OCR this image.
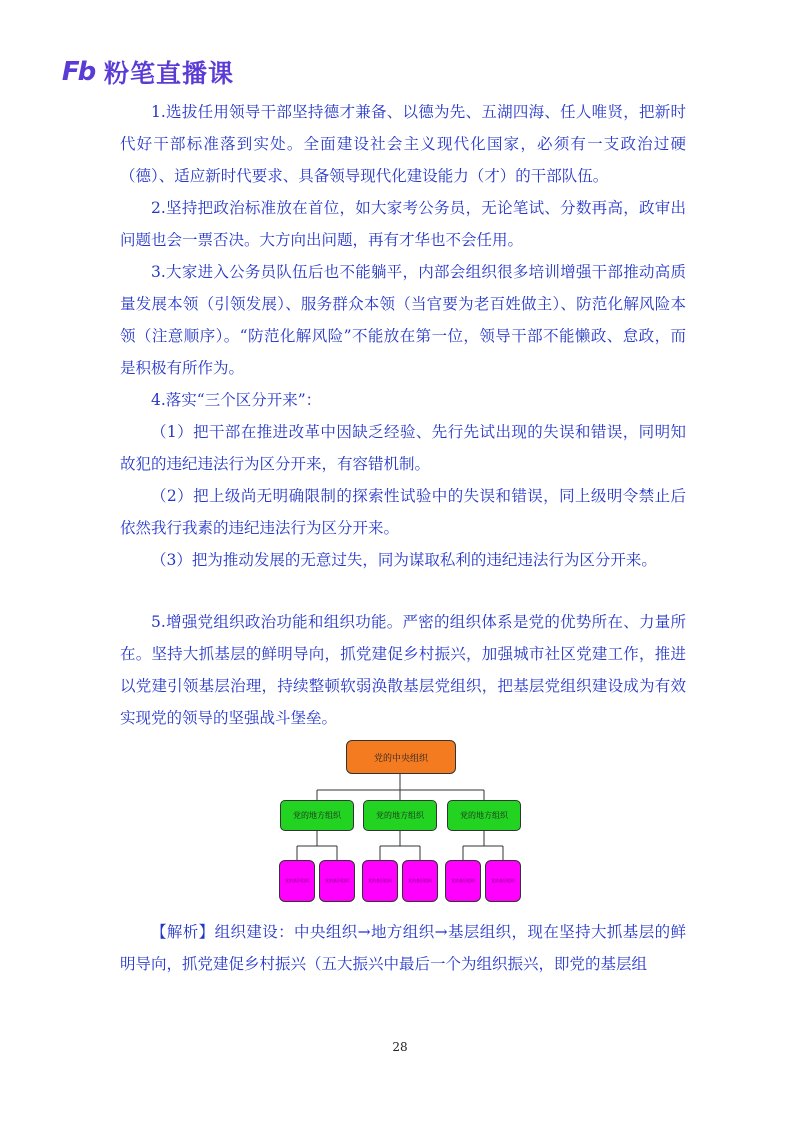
Fb 粉笔直播课

1.选拔任用领导干部坚持德才兼备、以德为先、五湖四海、任人唯贤，把新时代好干部标准落到实处。全面建设社会主义现代化国家，必须有一支政治过硬（德）、适应新时代要求、具备领导现代化建设能力（才）的干部队伍。

2.坚持把政治标准放在首位，如大家考公务员，无论笔试、分数再高，政审出问题也会一票否决。大方向出问题，再有才华也不会任用。

3.大家进入公务员队伍后也不能躺平，内部会组织很多培训增强干部推动高质量发展本领（引领发展）、服务群众本领（当官要为老百姓做主）、防范化解风险本领（注意顺序）。“防范化解风险”不能放在第一位，领导干部不能懒政、怠政，而是积极有所作为。

4.落实“三个区分开来”：

（1）把干部在推进改革中因缺乏经验、先行先试出现的失误和错误，同明知故犯的违纪违法行为区分开来，有容错机制。

（2）把上级尚无明确限制的探索性试验中的失误和错误，同上级明令禁止后依然我行我素的违纪违法行为区分开来。

（3）把为推动发展的无意过失，同为谋取私利的违纪违法行为区分开来。

5.增强党组织政治功能和组织功能。严密的组织体系是党的优势所在、力量所在。坚持大抓基层的鲜明导向，抓党建促乡村振兴，加强城市社区党建工作，推进以党建引领基层治理，持续整顿软弱涣散基层党组织，把基层党组织建设成为有效实现党的领导的坚强战斗堡垒。

党的中央组织
党的地方组织	党的地方组织	党的地方组织
党的基层组织	党的基层组织	党的基层组织	党的基层组织	党的基层组织	党的基层组织

【解析】组织建设：中央组织→地方组织→基层组织，现在坚持大抓基层的鲜明导向，抓党建促乡村振兴（五大振兴中最后一个为组织振兴，即党的基层组

28
